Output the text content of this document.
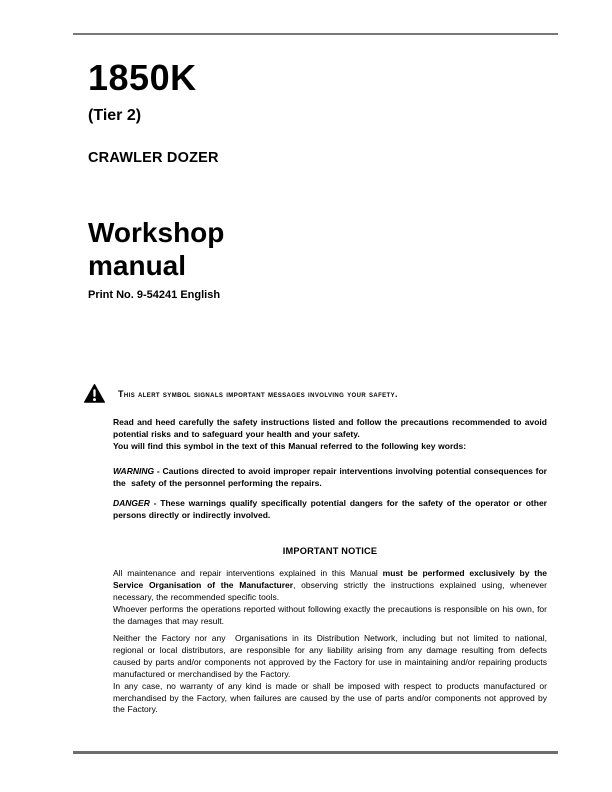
1850K
(Tier 2)
CRAWLER DOZER
Workshop
manual
Print No. 9-54241 English
This alert symbol signals important messages involving your safety.
Read and heed carefully the safety instructions listed and follow the precautions recommended to avoid potential risks and to safeguard your health and your safety.
You will find this symbol in the text of this Manual referred to the following key words:
WARNING - Cautions directed to avoid improper repair interventions involving potential consequences for the  safety of the personnel performing the repairs.
DANGER - These warnings qualify specifically potential dangers for the safety of the operator or other persons directly or indirectly involved.
IMPORTANT NOTICE
All maintenance and repair interventions explained in this Manual must be performed exclusively by the Service Organisation of the Manufacturer, observing strictly the instructions explained using, whenever necessary, the recommended specific tools.
Whoever performs the operations reported without following exactly the precautions is responsible on his own, for the damages that may result.
Neither the Factory nor any  Organisations in its Distribution Network, including but not limited to national, regional or local distributors, are responsible for any liability arising from any damage resulting from defects caused by parts and/or components not approved by the Factory for use in maintaining and/or repairing products manufactured or merchandised by the Factory.
In any case, no warranty of any kind is made or shall be imposed with respect to products manufactured or merchandised by the Factory, when failures are caused by the use of parts and/or components not approved by the Factory.
